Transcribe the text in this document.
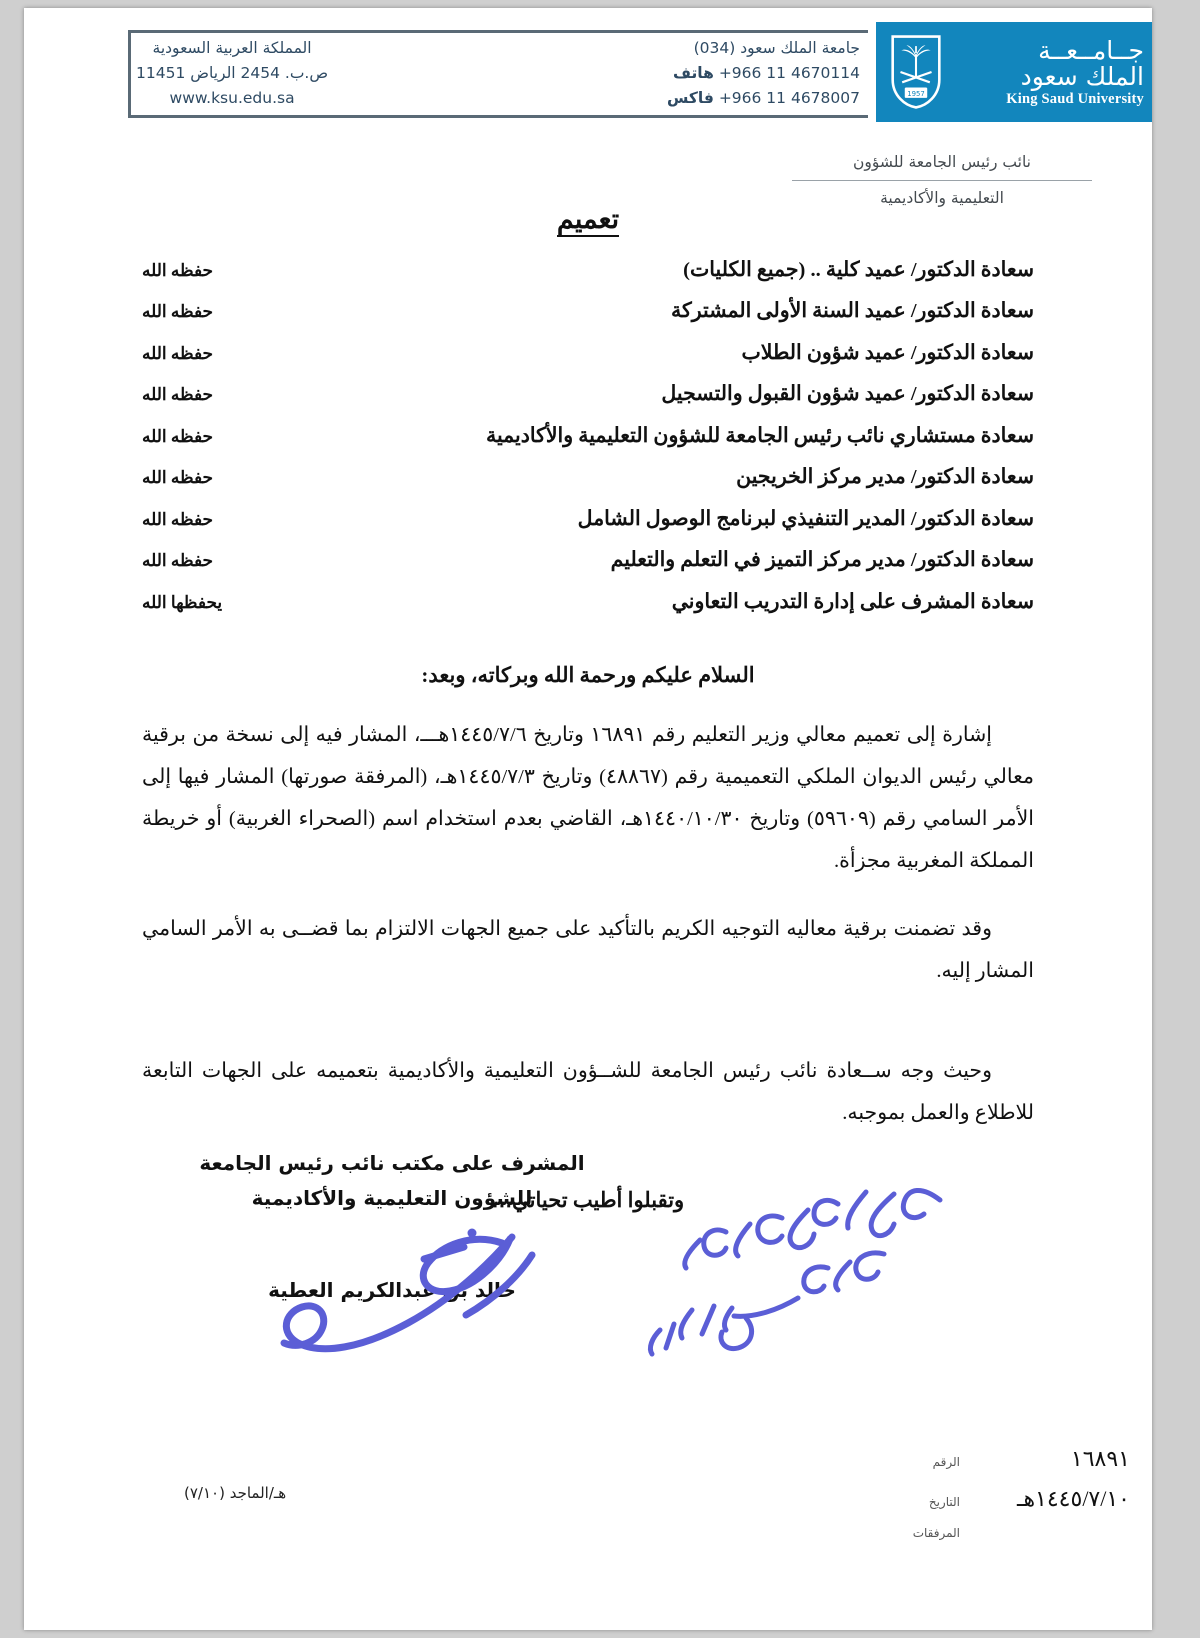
جامعة الملك سعود (034)
+966 11 4670114 هاتف
+966 11 4678007 فاكس
المملكة العربية السعودية
ص.ب. 2454 الرياض 11451
www.ksu.edu.sa
جــامــعــة
الملك سعود
King Saud University
1957
نائب رئيس الجامعة للشؤون
التعليمية والأكاديمية
تعميم
سعادة الدكتور/ عميد كلية .. (جميع الكليات)
حفظه الله
سعادة الدكتور/ عميد السنة الأولى المشتركة
حفظه الله
سعادة الدكتور/ عميد شؤون الطلاب
حفظه الله
سعادة الدكتور/ عميد شؤون القبول والتسجيل
حفظه الله
سعادة مستشاري نائب رئيس الجامعة للشؤون التعليمية والأكاديمية
حفظه الله
سعادة الدكتور/ مدير مركز الخريجين
حفظه الله
سعادة الدكتور/ المدير التنفيذي لبرنامج الوصول الشامل
حفظه الله
سعادة الدكتور/ مدير مركز التميز في التعلم والتعليم
حفظه الله
سعادة المشرف على إدارة التدريب التعاوني
يحفظها الله
السلام عليكم ورحمة الله وبركاته، وبعد:

إشارة إلى تعميم معالي وزير التعليم رقم ١٦٨٩١ وتاريخ ١٤٤٥/٧/٦هـــ، المشار فيه إلى نسخة من برقية معالي رئيس الديوان الملكي التعميمية رقم (٤٨٨٦٧) وتاريخ ١٤٤٥/٧/٣هـ، (المرفقة صورتها) المشار فيها إلى الأمر السامي رقم (٥٩٦٠٩) وتاريخ ١٤٤٠/١٠/٣٠هـ، القاضي بعدم استخدام اسم (الصحراء الغربية) أو خريطة المملكة المغربية مجزأة.

وقد تضمنت برقية معاليه التوجيه الكريم بالتأكيد على جميع الجهات الالتزام بما قضــى به الأمر السامي المشار إليه.

وحيث وجه ســعادة نائب رئيس الجامعة للشــؤون التعليمية والأكاديمية بتعميمه على الجهات التابعة للاطلاع والعمل بموجبه.

وتقبلوا أطيب تحياتي،،،
المشرف على مكتب نائب رئيس الجامعة
للشؤون التعليمية والأكاديمية
خالد بن عبدالكريم العطية
١٦٨٩١
الرقم
١٤٤٥/٧/١٠هـ
التاريخ
المرفقات
هـ/الماجد (٧/١٠)
